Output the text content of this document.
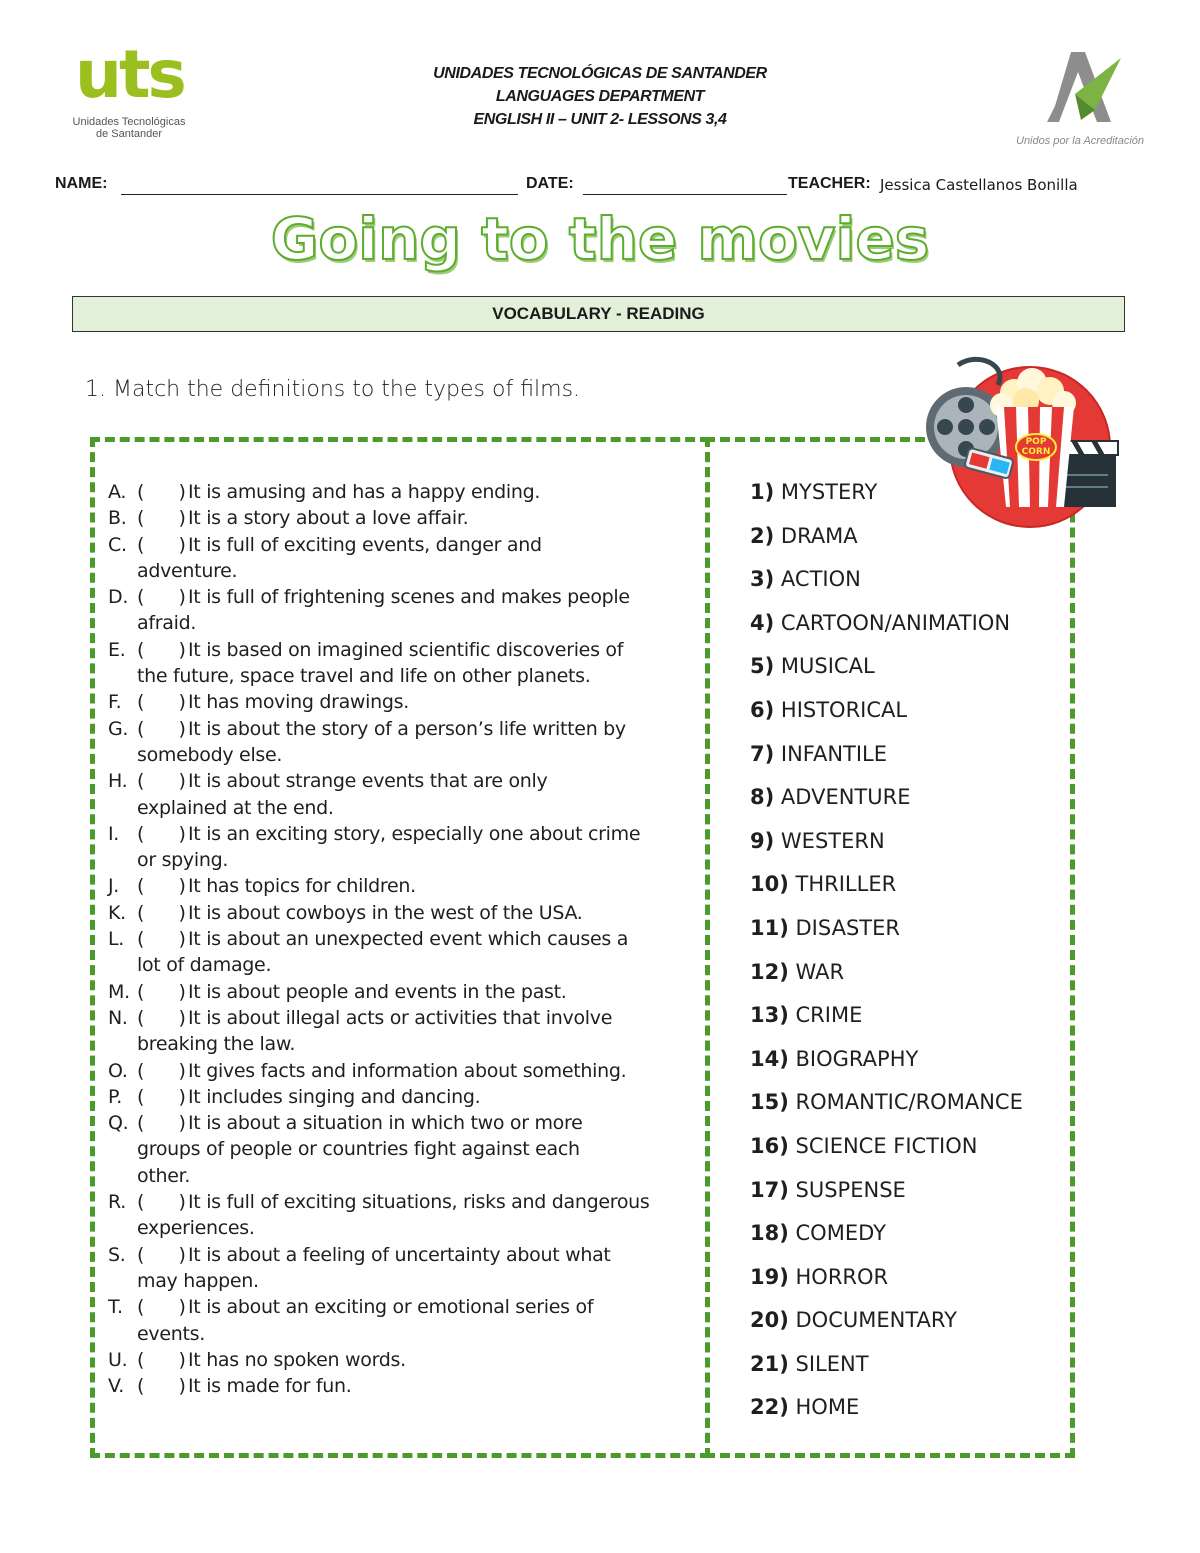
uts
Unidades Tecnológicas
de Santander
UNIDADES TECNOLÓGICAS DE SANTANDER
LANGUAGES DEPARTMENT
ENGLISH II – UNIT 2- LESSONS 3,4
Unidos por la Acreditación
NAME:	DATE:	TEACHER: Jessica Castellanos Bonilla
Going to the movies
VOCABULARY - READING
1. Match the definitions to the types of films.
POP
CORN
A. (      ) It is amusing and has a happy ending.
B. (      ) It is a story about a love affair.
C. (      ) It is full of exciting events, danger and
adventure.
D. (      ) It is full of frightening scenes and makes people
afraid.
E. (      ) It is based on imagined scientific discoveries of
the future, space travel and life on other planets.
F. (      ) It has moving drawings.
G. (      ) It is about the story of a person’s life written by
somebody else.
H. (      ) It is about strange events that are only
explained at the end.
I. (      ) It is an exciting story, especially one about crime
or spying.
J. (      ) It has topics for children.
K. (      ) It is about cowboys in the west of the USA.
L. (      ) It is about an unexpected event which causes a
lot of damage.
M. (      ) It is about people and events in the past.
N. (      ) It is about illegal acts or activities that involve
breaking the law.
O. (      ) It gives facts and information about something.
P. (      ) It includes singing and dancing.
Q. (      ) It is about a situation in which two or more
groups of people or countries fight against each
other.
R. (      ) It is full of exciting situations, risks and dangerous
experiences.
S. (      ) It is about a feeling of uncertainty about what
may happen.
T. (      ) It is about an exciting or emotional series of
events.
U. (      ) It has no spoken words.
V. (      ) It is made for fun.
1) MYSTERY
2) DRAMA
3) ACTION
4) CARTOON/ANIMATION
5) MUSICAL
6) HISTORICAL
7) INFANTILE
8) ADVENTURE
9) WESTERN
10) THRILLER
11) DISASTER
12) WAR
13) CRIME
14) BIOGRAPHY
15) ROMANTIC/ROMANCE
16) SCIENCE FICTION
17) SUSPENSE
18) COMEDY
19) HORROR
20) DOCUMENTARY
21) SILENT
22) HOME
